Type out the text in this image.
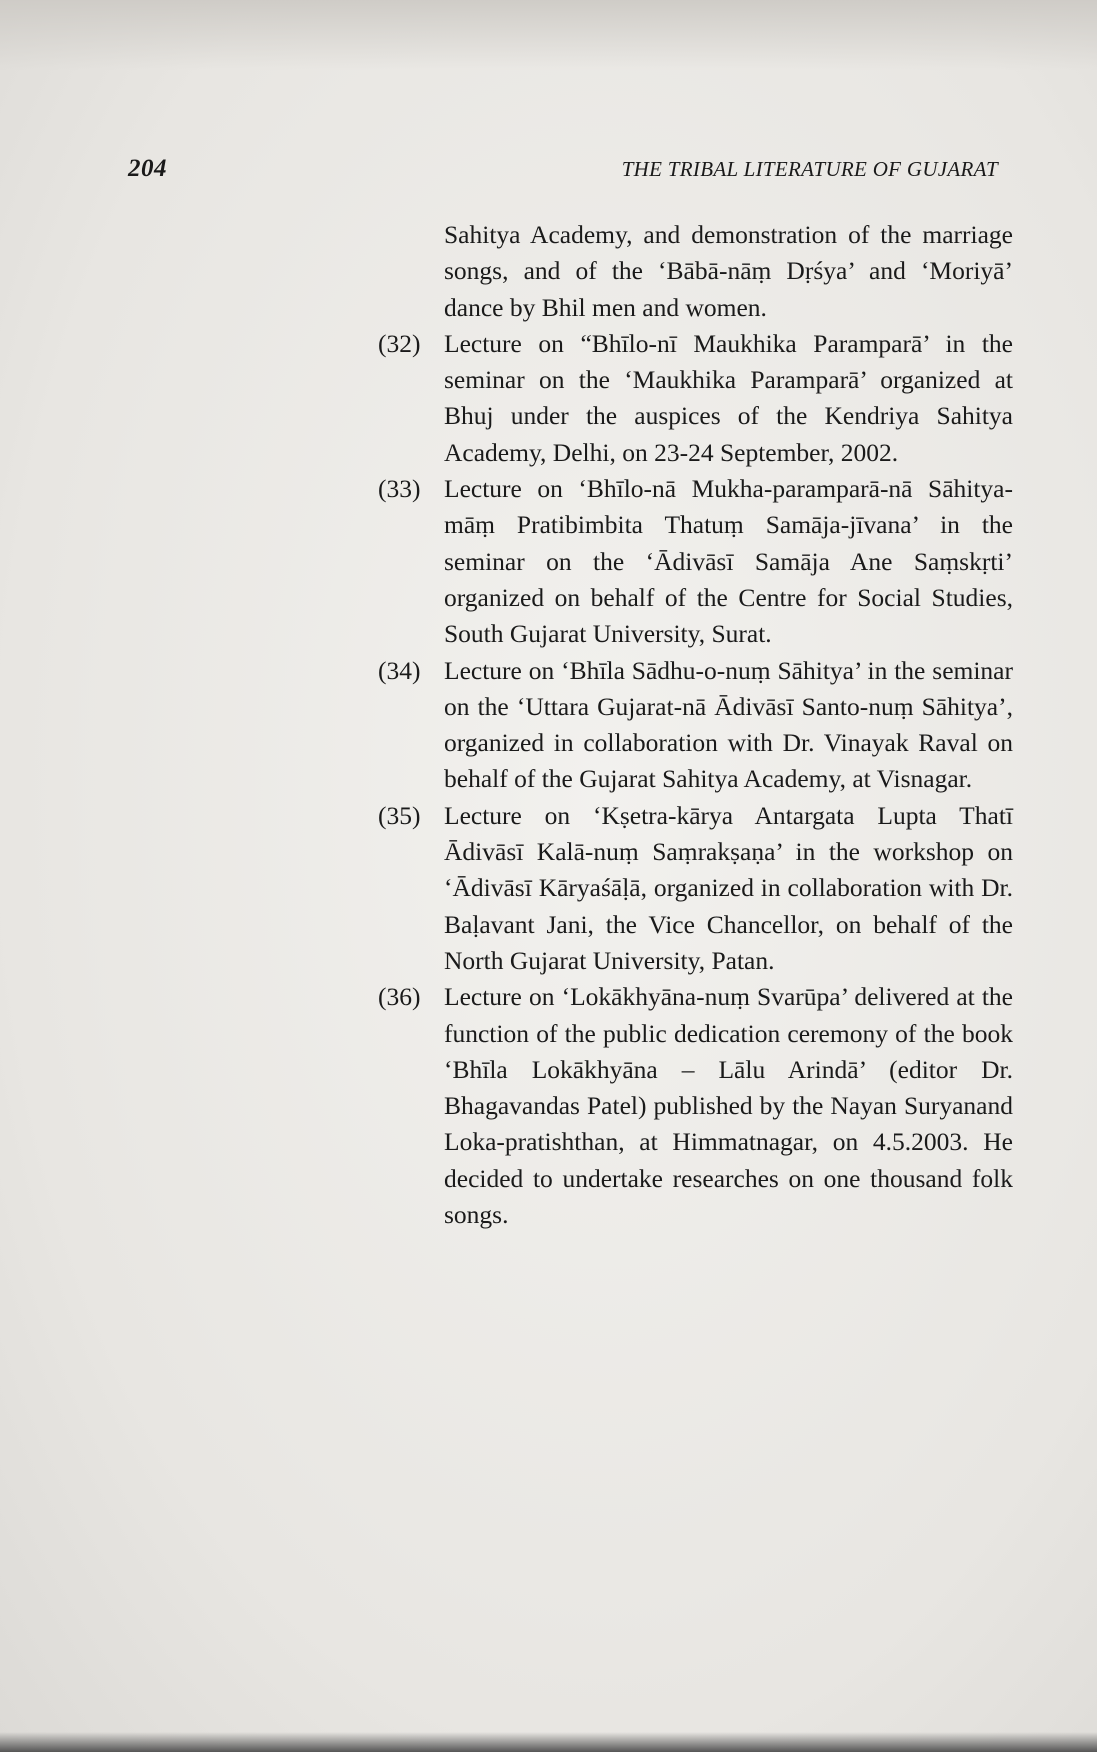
204	THE TRIBAL LITERATURE OF GUJARAT

Sahitya Academy, and demonstration of the marriage songs, and of the ‘Bābā-nāṃ Dṛśya’ and ‘Moriyā’ dance by Bhil men and women.

(32) Lecture on “Bhīlo-nī Maukhika Paramparā’ in the seminar on the ‘Maukhika Paramparā’ organized at Bhuj under the auspices of the Kendriya Sahitya Academy, Delhi, on 23-24 September, 2002.

(33) Lecture on ‘Bhīlo-nā Mukha-paramparā-nā Sāhitya-māṃ Pratibimbita Thatuṃ Samāja-jīvana’ in the seminar on the ‘Ādivāsī Samāja Ane Saṃskṛti’ organized on behalf of the Centre for Social Studies, South Gujarat University, Surat.

(34) Lecture on ‘Bhīla Sādhu-o-nuṃ Sāhitya’ in the seminar on the ‘Uttara Gujarat-nā Ādivāsī Santo-nuṃ Sāhitya’, organized in collaboration with Dr. Vinayak Raval on behalf of the Gujarat Sahitya Academy, at Visnagar.

(35) Lecture on ‘Kṣetra-kārya Antargata Lupta Thatī Ādivāsī Kalā-nuṃ Saṃrakṣaṇa’ in the workshop on ‘Ādivāsī Kāryaśāḷā, organized in collaboration with Dr. Baḷavant Jani, the Vice Chancellor, on behalf of the North Gujarat University, Patan.

(36) Lecture on ‘Lokākhyāna-nuṃ Svarūpa’ delivered at the function of the public dedication ceremony of the book ‘Bhīla Lokākhyāna – Lālu Arindā’ (editor Dr. Bhagavandas Patel) published by the Nayan Suryanand Loka-pratishthan, at Himmatnagar, on 4.5.2003. He decided to undertake researches on one thousand folk songs.
